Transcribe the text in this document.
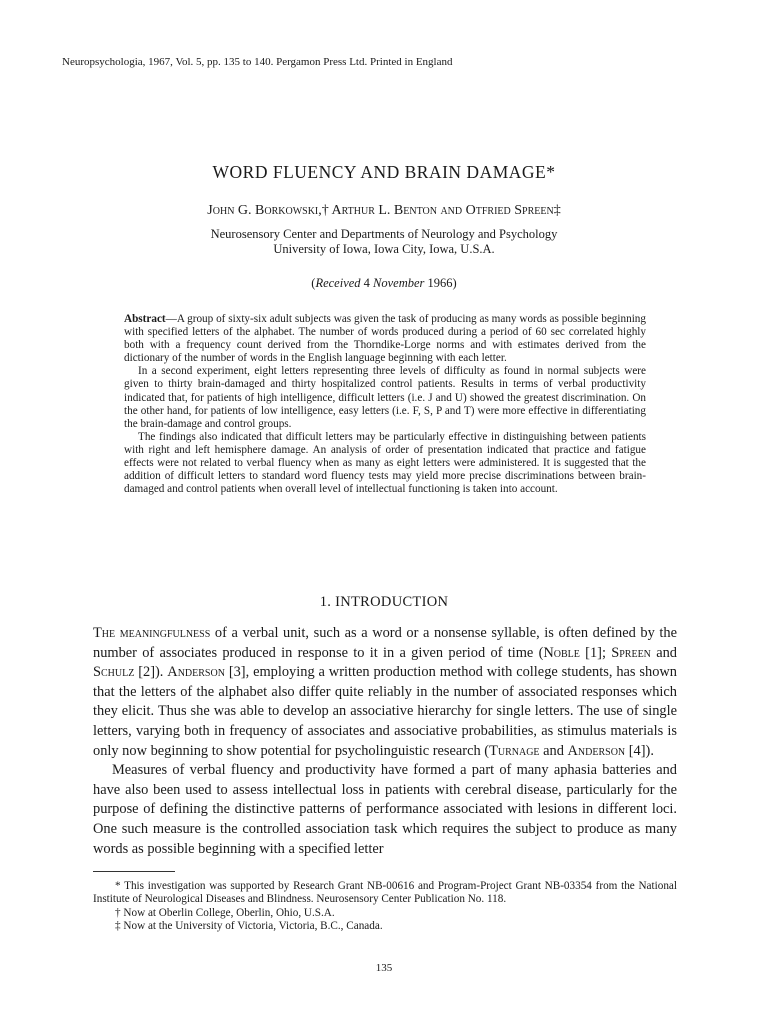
Neuropsychologia, 1967, Vol. 5, pp. 135 to 140. Pergamon Press Ltd. Printed in England
WORD FLUENCY AND BRAIN DAMAGE*
John G. Borkowski,† Arthur L. Benton and Otfried Spreen‡
Neurosensory Center and Departments of Neurology and Psychology
University of Iowa, Iowa City, Iowa, U.S.A.
(Received 4 November 1966)

Abstract—A group of sixty-six adult subjects was given the task of producing as many words as possible beginning with specified letters of the alphabet. The number of words produced during a period of 60 sec correlated highly both with a frequency count derived from the Thorndike-Lorge norms and with estimates derived from the dictionary of the number of words in the English language beginning with each letter.

In a second experiment, eight letters representing three levels of difficulty as found in normal subjects were given to thirty brain-damaged and thirty hospitalized control patients. Results in terms of verbal productivity indicated that, for patients of high intelligence, difficult letters (i.e. J and U) showed the greatest discrimination. On the other hand, for patients of low intelligence, easy letters (i.e. F, S, P and T) were more effective in differentiating the brain-damage and control groups.

The findings also indicated that difficult letters may be particularly effective in distinguishing between patients with right and left hemisphere damage. An analysis of order of presentation indicated that practice and fatigue effects were not related to verbal fluency when as many as eight letters were administered. It is suggested that the addition of difficult letters to standard word fluency tests may yield more precise discriminations between brain-damaged and control patients when overall level of intellectual functioning is taken into account.

1. INTRODUCTION

The meaningfulness of a verbal unit, such as a word or a nonsense syllable, is often defined by the number of associates produced in response to it in a given period of time (Noble [1]; Spreen and Schulz [2]). Anderson [3], employing a written production method with college students, has shown that the letters of the alphabet also differ quite reliably in the number of associated responses which they elicit. Thus she was able to develop an associative hierarchy for single letters. The use of single letters, varying both in frequency of associates and associative probabilities, as stimulus materials is only now beginning to show potential for psycholinguistic research (Turnage and Anderson [4]).

Measures of verbal fluency and productivity have formed a part of many aphasia batteries and have also been used to assess intellectual loss in patients with cerebral disease, particularly for the purpose of defining the distinctive patterns of performance associated with lesions in different loci. One such measure is the controlled association task which requires the subject to produce as many words as possible beginning with a specified letter

* This investigation was supported by Research Grant NB-00616 and Program-Project Grant NB-03354 from the National Institute of Neurological Diseases and Blindness. Neurosensory Center Publication No. 118.

† Now at Oberlin College, Oberlin, Ohio, U.S.A.

‡ Now at the University of Victoria, Victoria, B.C., Canada.

135
